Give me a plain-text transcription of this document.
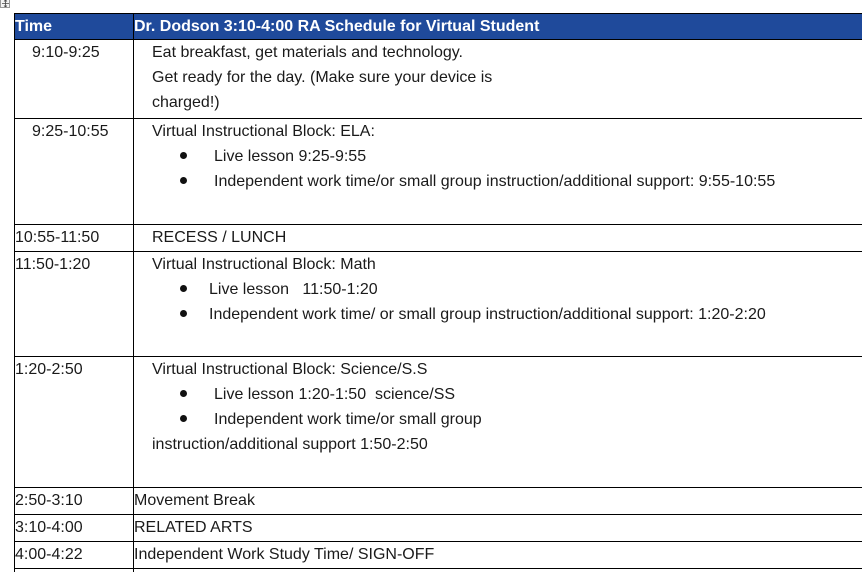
Time	Dr. Dodson 3:10-4:00 RA Schedule for Virtual Student
9:10-9:25	Eat breakfast, get materials and technology.
Get ready for the day. (Make sure your device is
charged!)

9:25-10:55	Virtual Instructional Block: ELA:
Live lesson 9:25-9:55
Independent work time/or small group instruction/additional support: 9:55-10:55

10:55-11:50	RECESS / LUNCH
11:50-1:20	Virtual Instructional Block: Math
Live lesson   11:50-1:20
Independent work time/ or small group instruction/additional support: 1:20-2:20

1:20-2:50	Virtual Instructional Block: Science/S.S
Live lesson 1:20-1:50  science/SS
Independent work time/or small group
instruction/additional support 1:50-2:50
2:50-3:10	Movement Break
3:10-4:00	RELATED ARTS
4:00-4:22	Independent Work Study Time/ SIGN-OFF
